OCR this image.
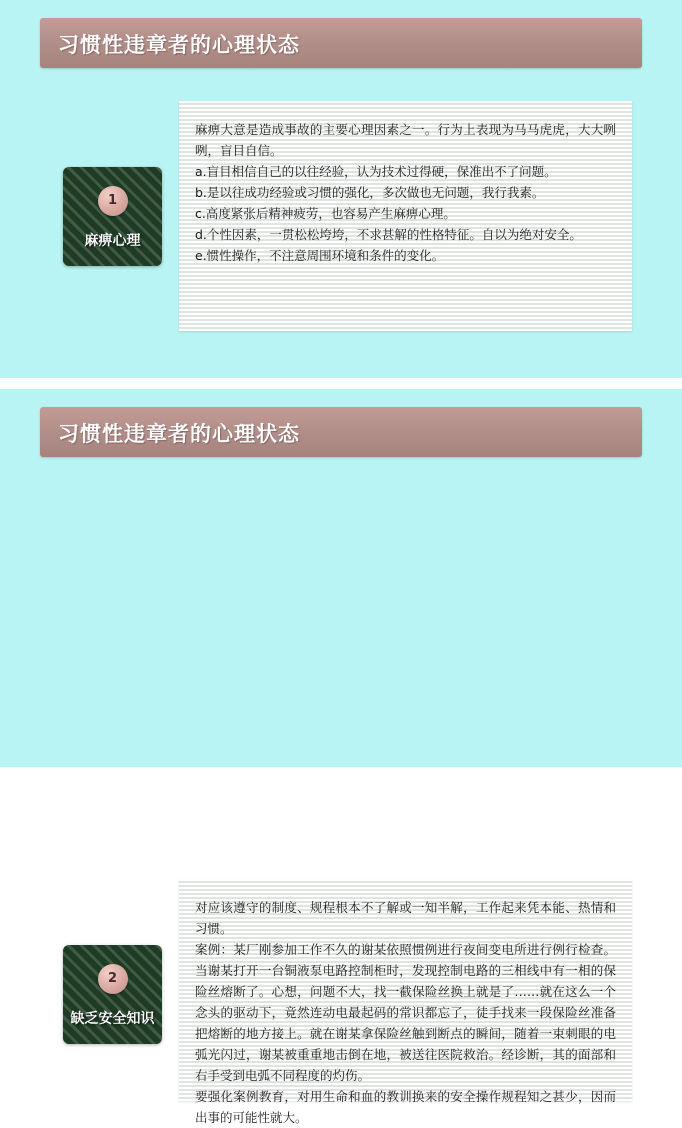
习惯性违章者的心理状态
1
麻痹心理

麻痹大意是造成事故的主要心理因素之一。行为上表现为马马虎虎，大大咧咧，盲目自信。

a.盲目相信自己的以往经验，认为技术过得硬，保准出不了问题。

b.是以往成功经验或习惯的强化，多次做也无问题，我行我素。

c.高度紧张后精神疲劳，也容易产生麻痹心理。

d.个性因素，一贯松松垮垮，不求甚解的性格特征。自以为绝对安全。

e.惯性操作，不注意周围环境和条件的变化。

习惯性违章者的心理状态
2
缺乏安全知识

对应该遵守的制度、规程根本不了解或一知半解，工作起来凭本能、热情和习惯。

案例：某厂刚参加工作不久的谢某依照惯例进行夜间变电所进行例行检查。当谢某打开一台铜液泵电路控制柜时，发现控制电路的三相线中有一相的保险丝熔断了。心想，问题不大，找一截保险丝换上就是了……就在这么一个念头的驱动下，竟然连动电最起码的常识都忘了，徒手找来一段保险丝准备把熔断的地方接上。就在谢某拿保险丝触到断点的瞬间，随着一束刺眼的电弧光闪过，谢某被重重地击倒在地，被送往医院救治。经诊断，其的面部和右手受到电弧不同程度的灼伤。

要强化案例教育，对用生命和血的教训换来的安全操作规程知之甚少，因而出事的可能性就大。
